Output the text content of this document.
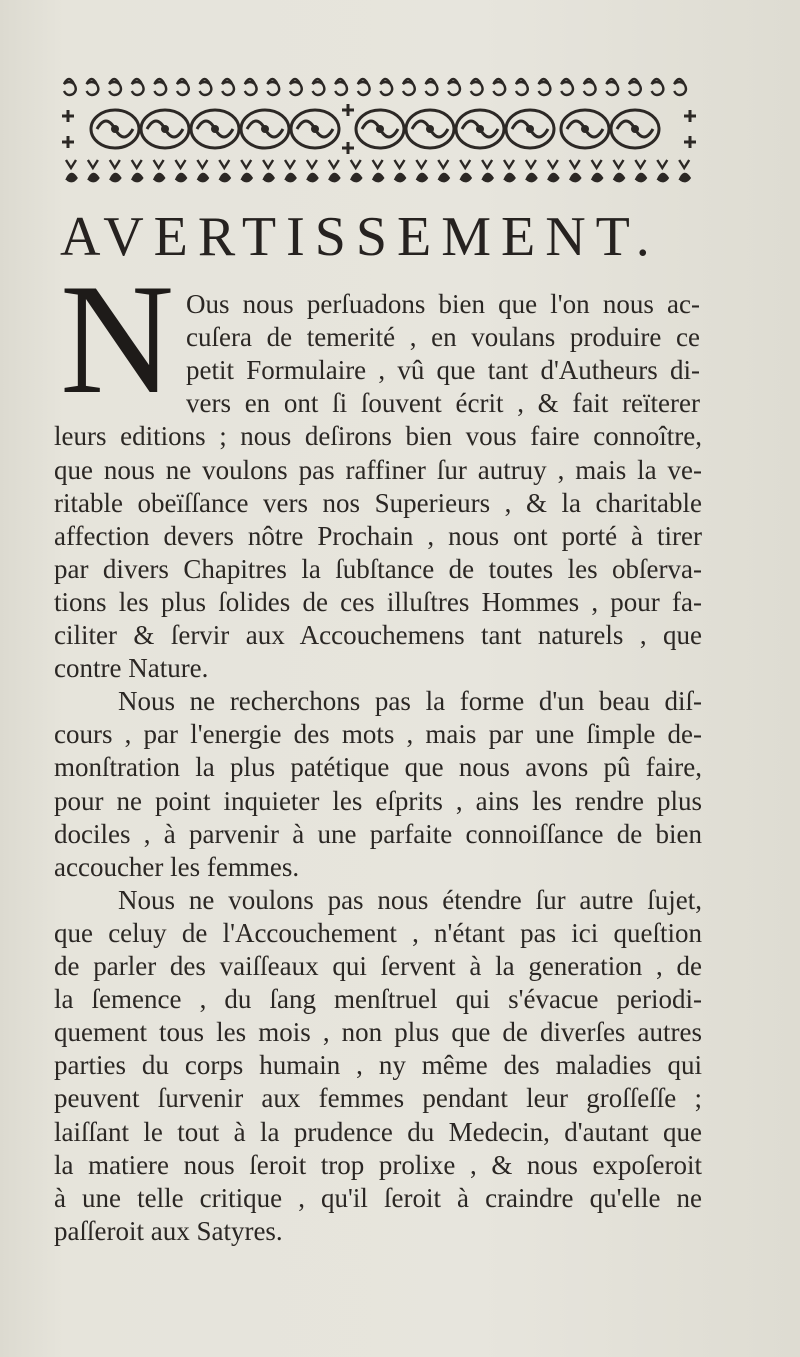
AVERTISSEMENT.
N Ous nous perſuadons bien que l'on nous ac-
cuſera de temerité , en voulans produire ce
petit Formulaire , vû que tant d'Autheurs di-
vers en ont ſi ſouvent écrit , & fait reïterer
leurs editions ; nous deſirons bien vous faire connoître,
que nous ne voulons pas raffiner ſur autruy , mais la ve-
ritable obeïſſance vers nos Superieurs , & la charitable
affection devers nôtre Prochain , nous ont porté à tirer
par divers Chapitres la ſubſtance de toutes les obſerva-
tions les plus ſolides de ces illuſtres Hommes , pour fa-
ciliter & ſervir aux Accouchemens tant naturels , que
contre Nature.
Nous ne recherchons pas la forme d'un beau diſ-
cours , par l'energie des mots , mais par une ſimple de-
monſtration la plus patétique que nous avons pû faire,
pour ne point inquieter les eſprits , ains les rendre plus
dociles , à parvenir à une parfaite connoiſſance de bien
accoucher les femmes.
Nous ne voulons pas nous étendre ſur autre ſujet,
que celuy de l'Accouchement , n'étant pas ici queſtion
de parler des vaiſſeaux qui ſervent à la generation , de
la ſemence , du ſang menſtruel qui s'évacue periodi-
quement tous les mois , non plus que de diverſes autres
parties du corps humain , ny même des maladies qui
peuvent ſurvenir aux femmes pendant leur groſſeſſe ;
laiſſant le tout à la prudence du Medecin, d'autant que
la matiere nous ſeroit trop prolixe , & nous expoſeroit
à une telle critique , qu'il ſeroit à craindre qu'elle ne
paſſeroit aux Satyres.
